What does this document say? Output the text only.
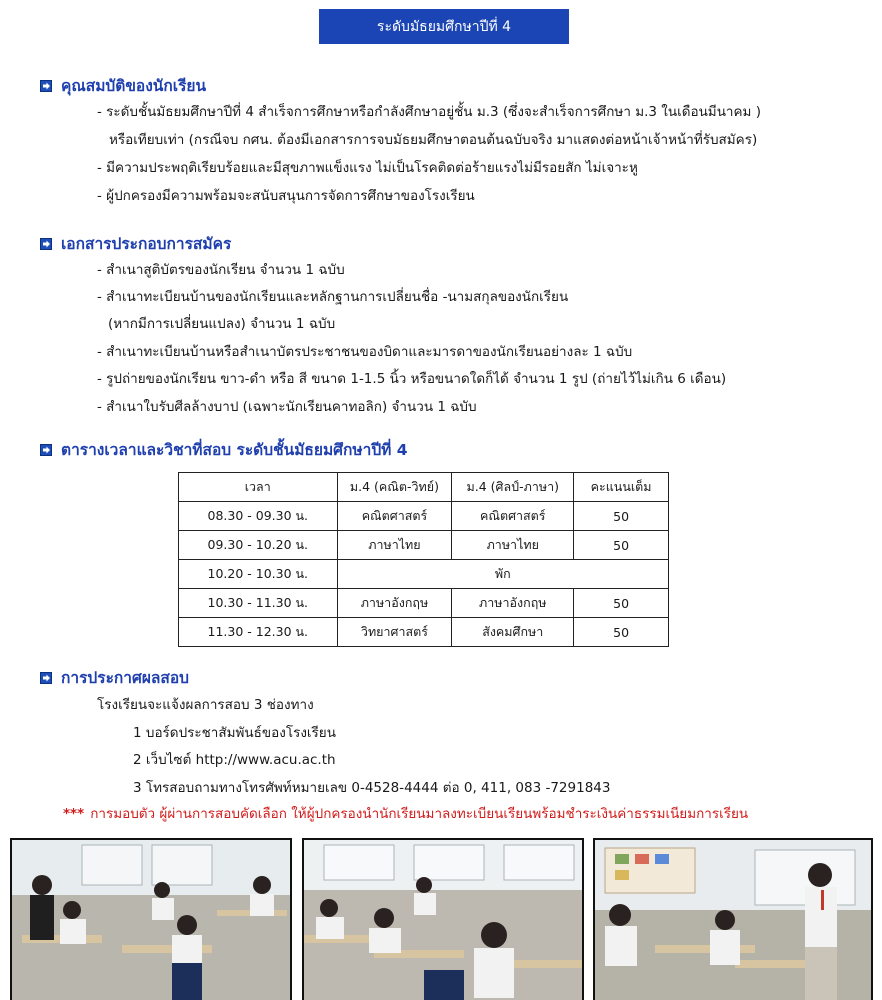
ระดับมัธยมศึกษาปีที่ 4
คุณสมบัติของนักเรียน
- ระดับชั้นมัธยมศึกษาปีที่ 4 สำเร็จการศึกษาหรือกำลังศึกษาอยู่ชั้น ม.3 (ซึ่งจะสำเร็จการศึกษา ม.3 ในเดือนมีนาคม )
หรือเทียบเท่า (กรณีจบ กศน. ต้องมีเอกสารการจบมัธยมศึกษาตอนต้นฉบับจริง มาแสดงต่อหน้าเจ้าหน้าที่รับสมัคร)
- มีความประพฤติเรียบร้อยและมีสุขภาพแข็งแรง ไม่เป็นโรคติดต่อร้ายแรงไม่มีรอยสัก ไม่เจาะหู
- ผู้ปกครองมีความพร้อมจะสนับสนุนการจัดการศึกษาของโรงเรียน
เอกสารประกอบการสมัคร
- สำเนาสูติบัตรของนักเรียน จำนวน 1 ฉบับ
- สำเนาทะเบียนบ้านของนักเรียนและหลักฐานการเปลี่ยนชื่อ -นามสกุลของนักเรียน
(หากมีการเปลี่ยนแปลง) จำนวน 1 ฉบับ
- สำเนาทะเบียนบ้านหรือสำเนาบัตรประชาชนของบิดาและมารดาของนักเรียนอย่างละ 1 ฉบับ
- รูปถ่ายของนักเรียน ขาว-ดำ หรือ สี ขนาด 1-1.5 นิ้ว หรือขนาดใดก็ได้ จำนวน 1 รูป (ถ่ายไว้ไม่เกิน 6 เดือน)
- สำเนาใบรับศีลล้างบาป (เฉพาะนักเรียนคาทอลิก) จำนวน 1 ฉบับ
ตารางเวลาและวิชาที่สอบ ระดับชั้นมัธยมศึกษาปีที่ 4
เวลา	ม.4 (คณิต-วิทย์)	ม.4 (ศิลป์-ภาษา)	คะแนนเต็ม
08.30 - 09.30 น.	คณิตศาสตร์	คณิตศาสตร์	50
09.30 - 10.20 น.	ภาษาไทย	ภาษาไทย	50
10.20 - 10.30 น.	พัก		
10.30 - 11.30 น.	ภาษาอังกฤษ	ภาษาอังกฤษ	50
11.30 - 12.30 น.	วิทยาศาสตร์	สังคมศึกษา	50
การประกาศผลสอบ
โรงเรียนจะแจ้งผลการสอบ 3 ช่องทาง
1 บอร์ดประชาสัมพันธ์ของโรงเรียน
2 เว็บไซต์ http://www.acu.ac.th
3 โทรสอบถามทางโทรศัพท์หมายเลข 0-4528-4444 ต่อ 0, 411, 083 -7291843
*** การมอบตัว ผู้ผ่านการสอบคัดเลือก ให้ผู้ปกครองนำนักเรียนมาลงทะเบียนเรียนพร้อมชำระเงินค่าธรรมเนียมการเรียน
